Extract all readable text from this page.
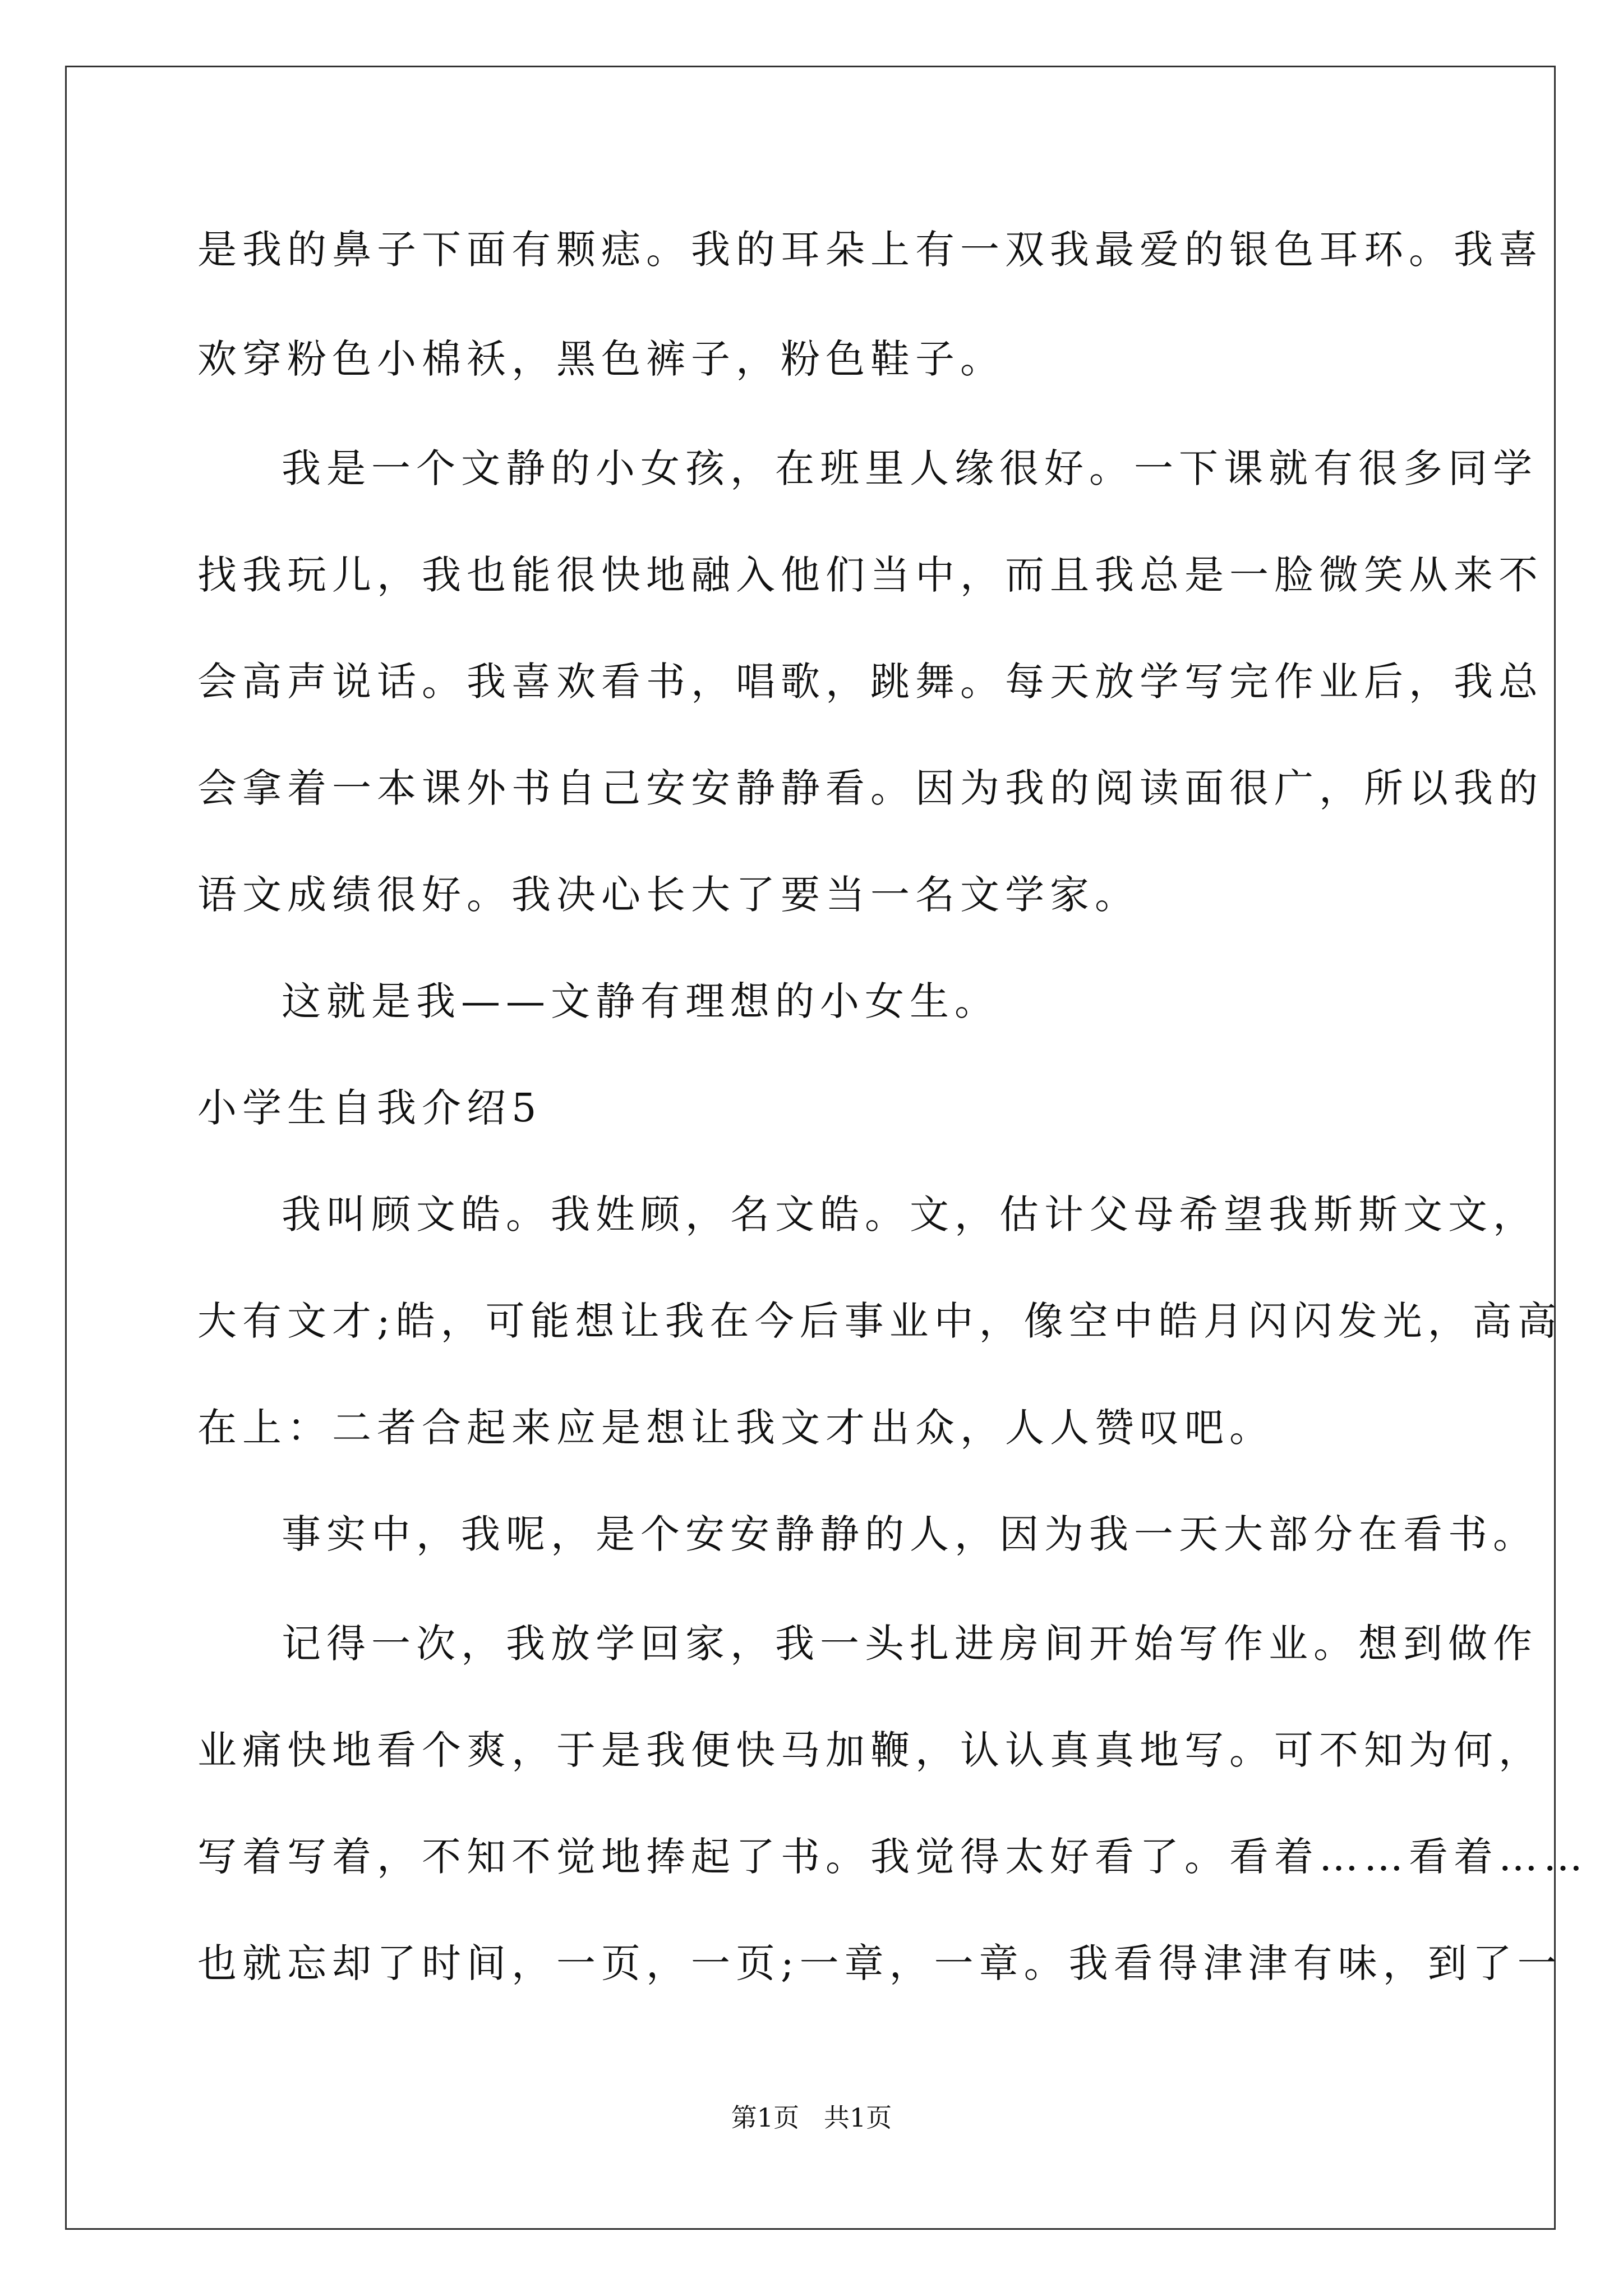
是我的鼻子下面有颗痣。我的耳朵上有一双我最爱的银色耳环。我喜

欢穿粉色小棉袄，黑色裤子，粉色鞋子。

我是一个文静的小女孩，在班里人缘很好。一下课就有很多同学

找我玩儿，我也能很快地融入他们当中，而且我总是一脸微笑从来不

会高声说话。我喜欢看书，唱歌，跳舞。每天放学写完作业后，我总

会拿着一本课外书自己安安静静看。因为我的阅读面很广，所以我的

语文成绩很好。我决心长大了要当一名文学家。

这就是我——文静有理想的小女生。

小学生自我介绍5

我叫顾文皓。我姓顾，名文皓。文，估计父母希望我斯斯文文，

大有文才;皓，可能想让我在今后事业中，像空中皓月闪闪发光，高高

在上：二者合起来应是想让我文才出众，人人赞叹吧。

事实中，我呢，是个安安静静的人，因为我一天大部分在看书。

记得一次，我放学回家，我一头扎进房间开始写作业。想到做作

业痛快地看个爽，于是我便快马加鞭，认认真真地写。可不知为何，

写着写着，不知不觉地捧起了书。我觉得太好看了。看着……看着……

也就忘却了时间，一页，一页;一章，一章。我看得津津有味，到了一

第1页   共1页
